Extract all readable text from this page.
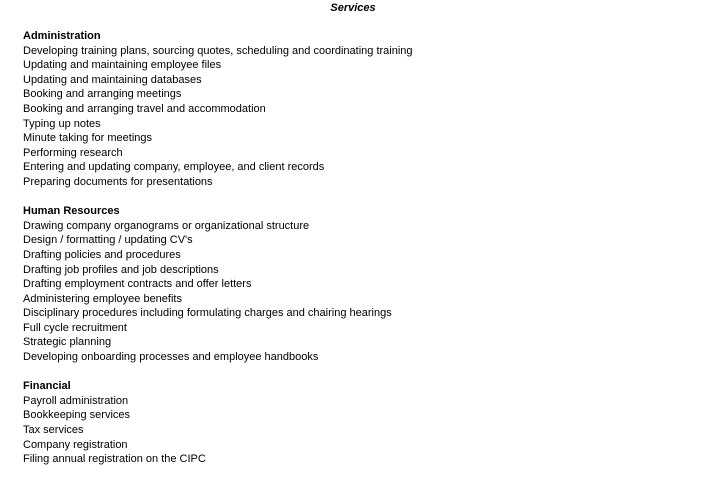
Services
Administration
Developing training plans, sourcing quotes, scheduling and coordinating training
Updating and maintaining employee files
Updating and maintaining databases
Booking and arranging meetings
Booking and arranging travel and accommodation
Typing up notes
Minute taking for meetings
Performing research
Entering and updating company, employee, and client records
Preparing documents for presentations
Human Resources
Drawing company organograms or organizational structure
Design / formatting / updating CV's
Drafting policies and procedures
Drafting job profiles and job descriptions
Drafting employment contracts and offer letters
Administering employee benefits
Disciplinary procedures including formulating charges and chairing hearings
Full cycle recruitment
Strategic planning
Developing onboarding processes and employee handbooks
Financial
Payroll administration
Bookkeeping services
Tax services
Company registration
Filing annual registration on the CIPC
